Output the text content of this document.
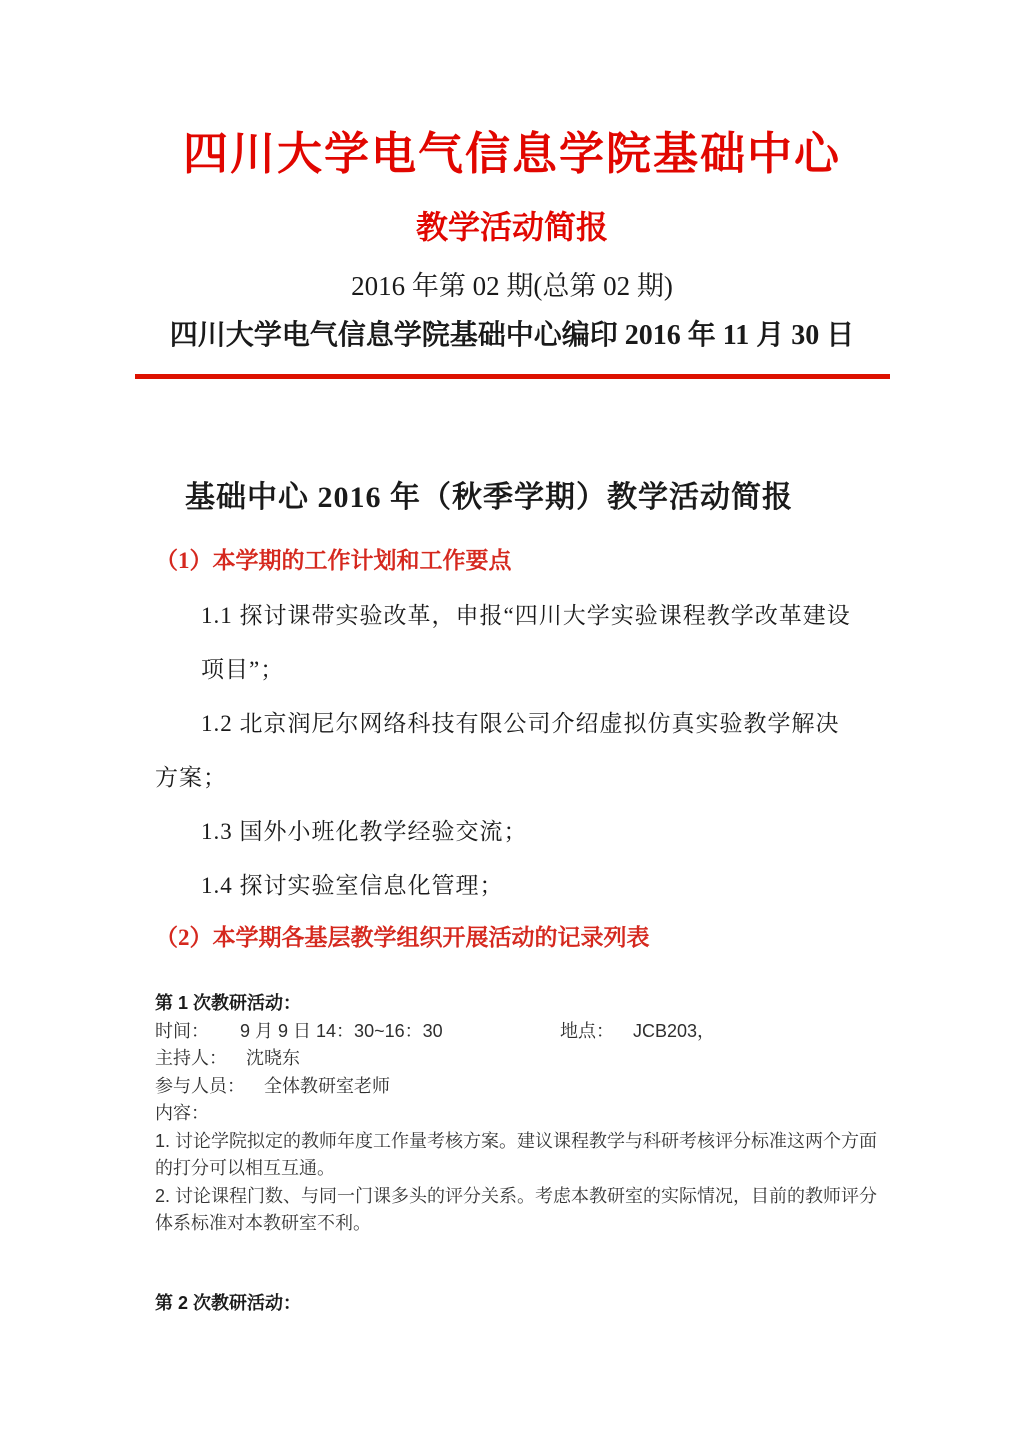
四川大学电气信息学院基础中心
教学活动简报
2016 年第 02 期(总第 02 期)
四川大学电气信息学院基础中心编印 2016 年 11 月 30 日
基础中心 2016 年（秋季学期）教学活动简报
（1）本学期的工作计划和工作要点
1.1 探讨课带实验改革，申报“四川大学实验课程教学改革建设
项目”；
1.2 北京润尼尔网络科技有限公司介绍虚拟仿真实验教学解决
方案；
1.3 国外小班化教学经验交流；
1.4 探讨实验室信息化管理；
（2）本学期各基层教学组织开展活动的记录列表
第 1 次教研活动：
时间： 9 月 9 日 14：30~16：30	地点： JCB203，
主持人： 沈晓东
参与人员： 全体教研室老师
内容：

1. 讨论学院拟定的教师年度工作量考核方案。建议课程教学与科研考核评分标准这两个方面的打分可以相互互通。

2. 讨论课程门数、与同一门课多头的评分关系。考虑本教研室的实际情况，目前的教师评分体系标准对本教研室不利。

第 2 次教研活动：
